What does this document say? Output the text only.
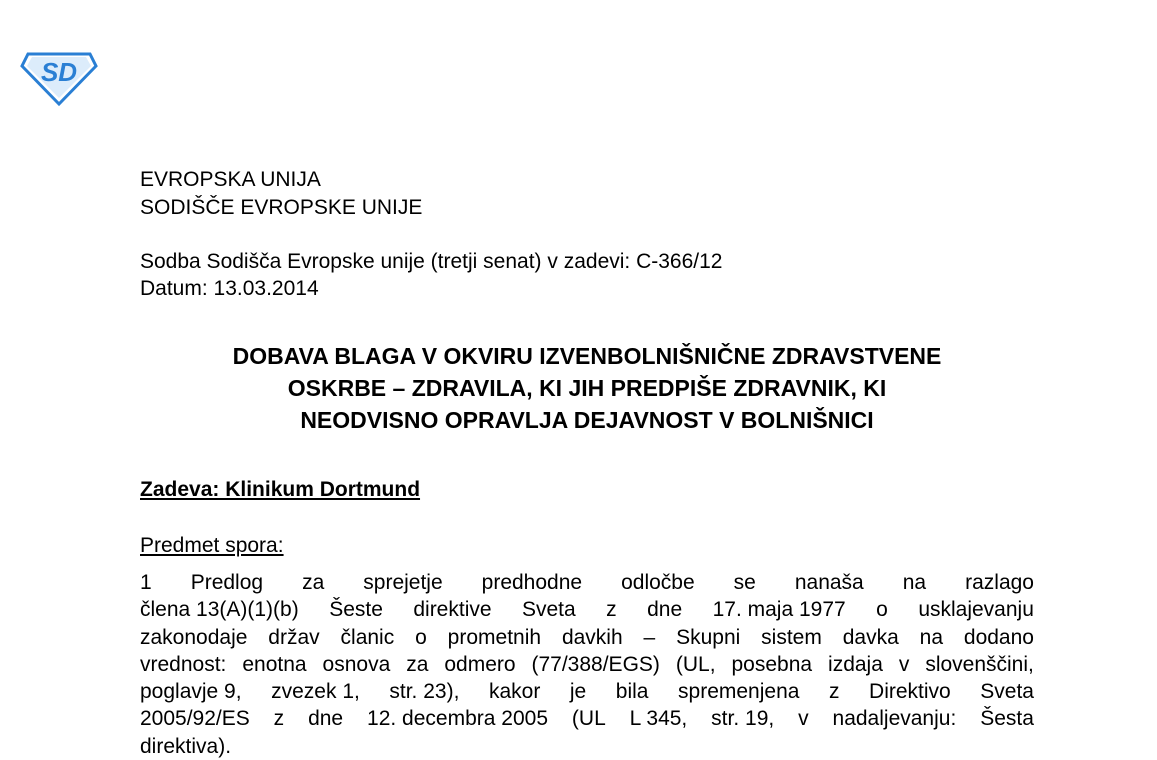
SD
EVROPSKA UNIJA
SODIŠČE EVROPSKE UNIJE
Sodba Sodišča Evropske unije (tretji senat) v zadevi: C-366/12
Datum: 13.03.2014
DOBAVA BLAGA V OKVIRU IZVENBOLNIŠNIČNE ZDRAVSTVENE
OSKRBE – ZDRAVILA, KI JIH PREDPIŠE ZDRAVNIK, KI
NEODVISNO OPRAVLJA DEJAVNOST V BOLNIŠNICI
Zadeva: Klinikum Dortmund
Predmet spora:
1 Predlog za sprejetje predhodne odločbe se nanaša na razlago
člena 13(A)(1)(b) Šeste direktive Sveta z dne 17. maja 1977 o usklajevanju
zakonodaje držav članic o prometnih davkih – Skupni sistem davka na dodano
vrednost: enotna osnova za odmero (77/388/EGS) (UL, posebna izdaja v slovenščini,
poglavje 9, zvezek 1, str. 23), kakor je bila spremenjena z Direktivo Sveta
2005/92/ES z dne 12. decembra 2005 (UL L 345, str. 19, v nadaljevanju: Šesta
direktiva).
